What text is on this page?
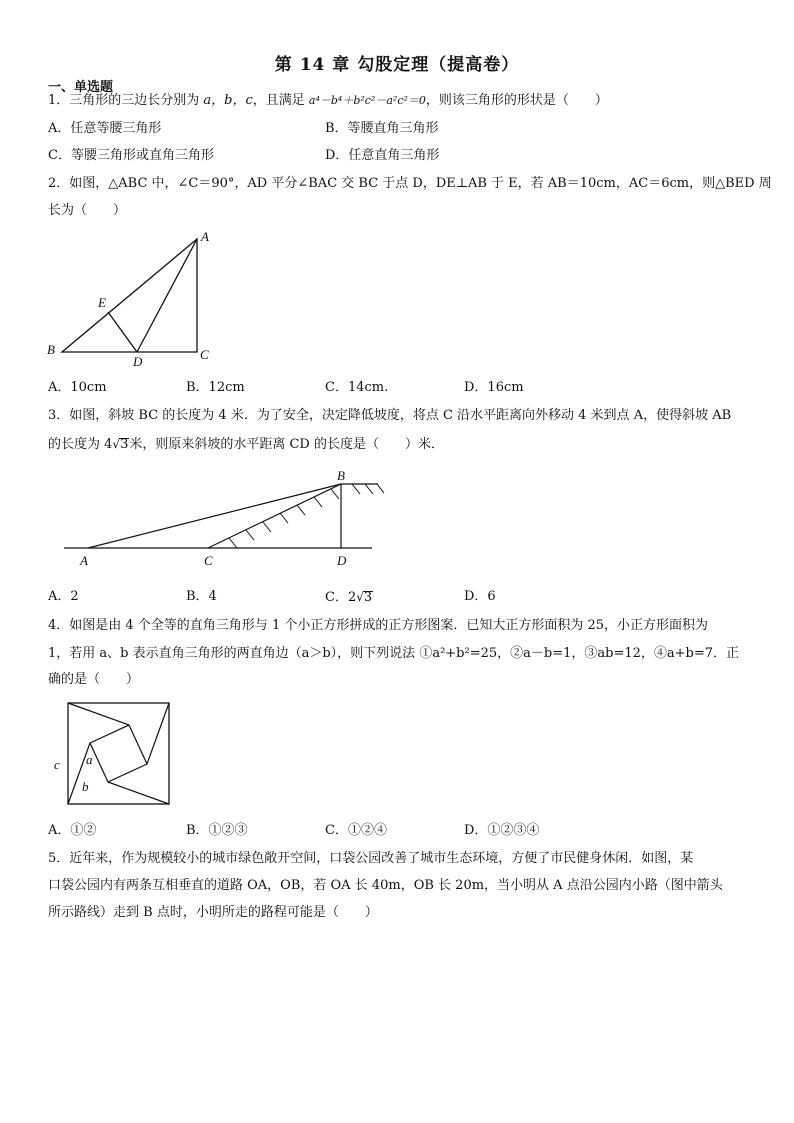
第 14 章 勾股定理（提高卷）
一、单选题
1．三角形的三边长分别为 a，b，c，且满足 a⁴－b⁴＋b²c²－a²c²＝0，则该三角形的形状是（　　）
A．任意等腰三角形	B．等腰直角三角形
C．等腰三角形或直角三角形	D．任意直角三角形
2．如图，△ABC 中，∠C＝90°，AD 平分∠BAC 交 BC 于点 D，DE⊥AB 于 E，若 AB＝10cm，AC＝6cm，则△BED 周
长为（　　）
A
B	C
D
E
A．10cm	B．12cm	C．14cm.	D．16cm
3．如图，斜坡 BC 的长度为 4 米．为了安全，决定降低坡度，将点 C 沿水平距离向外移动 4 米到点 A，使得斜坡 AB
的长度为 4√3米，则原来斜坡的水平距离 CD 的长度是（　　）米．
A	C	D
B
A．2	B．4	C．2√3	D．6
4．如图是由 4 个全等的直角三角形与 1 个小正方形拼成的正方形图案．已知大正方形面积为 25，小正方形面积为
1，若用 a、b 表示直角三角形的两直角边（a＞b），则下列说法 ①a²+b²=25，②a－b=1，③ab=12，④a+b=7．正
确的是（　　）
c a
b
A．①②	B．①②③	C．①②④	D．①②③④
5．近年来，作为规模较小的城市绿色敞开空间，口袋公园改善了城市生态环境，方便了市民健身休闲．如图，某
口袋公园内有两条互相垂直的道路 OA，OB，若 OA 长 40m，OB 长 20m，当小明从 A 点沿公园内小路（图中箭头
所示路线）走到 B 点时，小明所走的路程可能是（　　）
